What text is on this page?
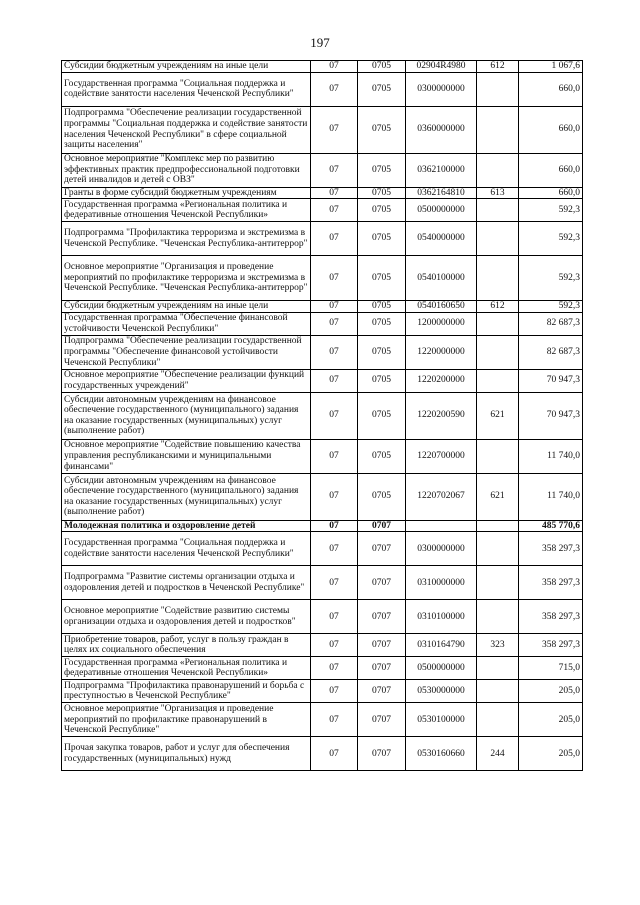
197
Субсидии бюджетным учреждениям на иные цели	07	0705	02904R4980	612	1 067,6
Государственная программа "Социальная поддержка и содействие занятости населения Чеченской Республики"	07	0705	0300000000		660,0
Подпрограмма "Обеспечение реализации государственной программы "Социальная поддержка и содействие занятости населения Чеченской Республики" в сфере социальной защиты населения"	07	0705	0360000000		660,0
Основное мероприятие "Комплекс мер по развитию эффективных практик предпрофессиональной подготовки детей инвалидов и детей с ОВЗ"	07	0705	0362100000		660,0
Гранты в форме субсидий бюджетным учреждениям	07	0705	0362164810	613	660,0
Государственная программа «Региональная политика и федеративные отношения Чеченской Республики»	07	0705	0500000000		592,3
Подпрограмма "Профилактика терроризма и экстремизма в Чеченской Республике. "Чеченская Республика-антитеррор"	07	0705	0540000000		592,3
Основное мероприятие "Организация и проведение мероприятий по профилактике терроризма и экстремизма в Чеченской Республике. "Чеченская Республика-антитеррор"	07	0705	0540100000		592,3
Субсидии бюджетным учреждениям на иные цели	07	0705	0540160650	612	592,3
Государственная программа "Обеспечение финансовой устойчивости Чеченской Республики"	07	0705	1200000000		82 687,3
Подпрограмма "Обеспечение реализации государственной программы "Обеспечение финансовой устойчивости Чеченской Республики"	07	0705	1220000000		82 687,3
Основное мероприятие "Обеспечение реализации функций государственных учреждений"	07	0705	1220200000		70 947,3
Субсидии автономным учреждениям на финансовое обеспечение государственного (муниципального) задания на оказание государственных (муниципальных) услуг (выполнение работ)	07	0705	1220200590	621	70 947,3
Основное мероприятие "Содействие повышению качества управления республиканскими и муниципальными финансами"	07	0705	1220700000		11 740,0
Субсидии автономным учреждениям на финансовое обеспечение государственного (муниципального) задания на оказание государственных (муниципальных) услуг (выполнение работ)	07	0705	1220702067	621	11 740,0
Молодежная политика и оздоровление детей	07	0707			485 770,6
Государственная программа "Социальная поддержка и содействие занятости населения Чеченской Республики"	07	0707	0300000000		358 297,3
Подпрограмма "Развитие системы организации отдыха и оздоровления детей и подростков в Чеченской Республике"	07	0707	0310000000		358 297,3
Основное мероприятие "Содействие развитию системы организации отдыха и оздоровления детей и подростков"	07	0707	0310100000		358 297,3
Приобретение товаров, работ, услуг в пользу граждан в целях их социального обеспечения	07	0707	0310164790	323	358 297,3
Государственная программа «Региональная политика и федеративные отношения Чеченской Республики»	07	0707	0500000000		715,0
Подпрограмма "Профилактика правонарушений и борьба с преступностью в Чеченской Республике"	07	0707	0530000000		205,0
Основное мероприятие "Организация и проведение мероприятий по профилактике правонарушений в Чеченской Республике"	07	0707	0530100000		205,0
Прочая закупка товаров, работ и услуг для обеспечения государственных (муниципальных) нужд	07	0707	0530160660	244	205,0
